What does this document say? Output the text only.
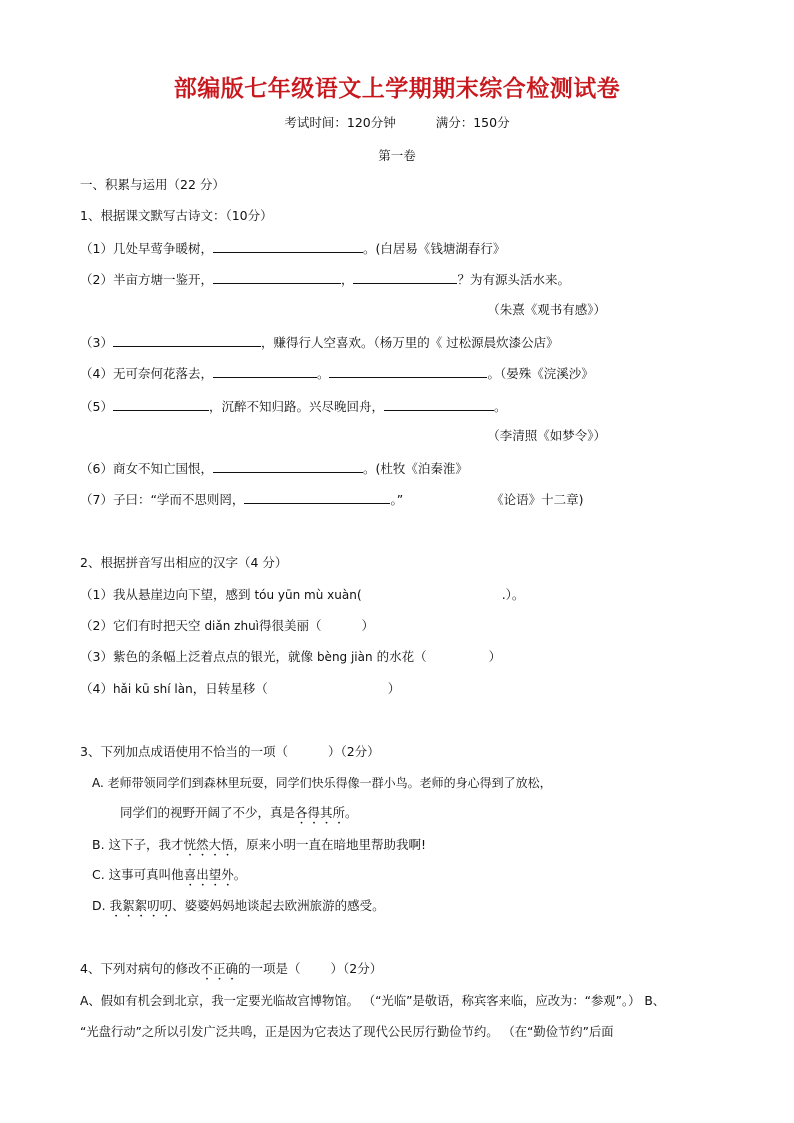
部编版七年级语文上学期期末综合检测试卷
考试时间：120分钟	满分：150分
第一卷
一、积累与运用（22 分）
1、根据课文默写古诗文：（10分）
（1）几处早莺争暖树，	。(白居易《钱塘湖春行》
（2）半亩方塘一鉴开，	，	？为有源头活水来。
（朱熹《观书有感》）
（3）	，赚得行人空喜欢。（杨万里的《 过松源晨炊漆公店》
（4）无可奈何花落去，	。	。（晏殊《浣溪沙》
（5）	，沉醉不知归路。兴尽晚回舟，	。
（李清照《如梦令》）
（6）商女不知亡国恨，	。(杜牧《泊秦淮》
（7）子曰：“学而不思则罔，	。”	《论语》十二章)
2、根据拼音写出相应的汉字（4 分）
（1）我从悬崖边向下望，感到 tóu yūn mù xuàn(	.）。
（2）它们有时把天空 diǎn zhuì得很美丽（	）
（3）紫色的条幅上泛着点点的银光，就像 bèng jiàn 的水花（	）
（4）hǎi kū shí làn，日转星移（	）
3、下列加点成语使用不恰当的一项（	）（2分）
A. 老师带领同学们到森林里玩耍，同学们快乐得像一群小鸟。老师的身心得到了放松，
同学们的视野开阔了不少，真是各得其所。
B. 这下子，我才恍然大悟，原来小明一直在暗地里帮助我啊!
C. 这事可真叫他喜出望外。
D. 我絮絮叨叨、婆婆妈妈地谈起去欧洲旅游的感受。
4、下列对病句的修改不正确的一项是（ ）（2分）
A、假如有机会到北京，我一定要光临故宫博物馆。 （“光临”是敬语，称宾客来临，应改为：“参观”。） B、
“光盘行动”之所以引发广泛共鸣，正是因为它表达了现代公民厉行勤俭节约。 （在“勤俭节约”后面
